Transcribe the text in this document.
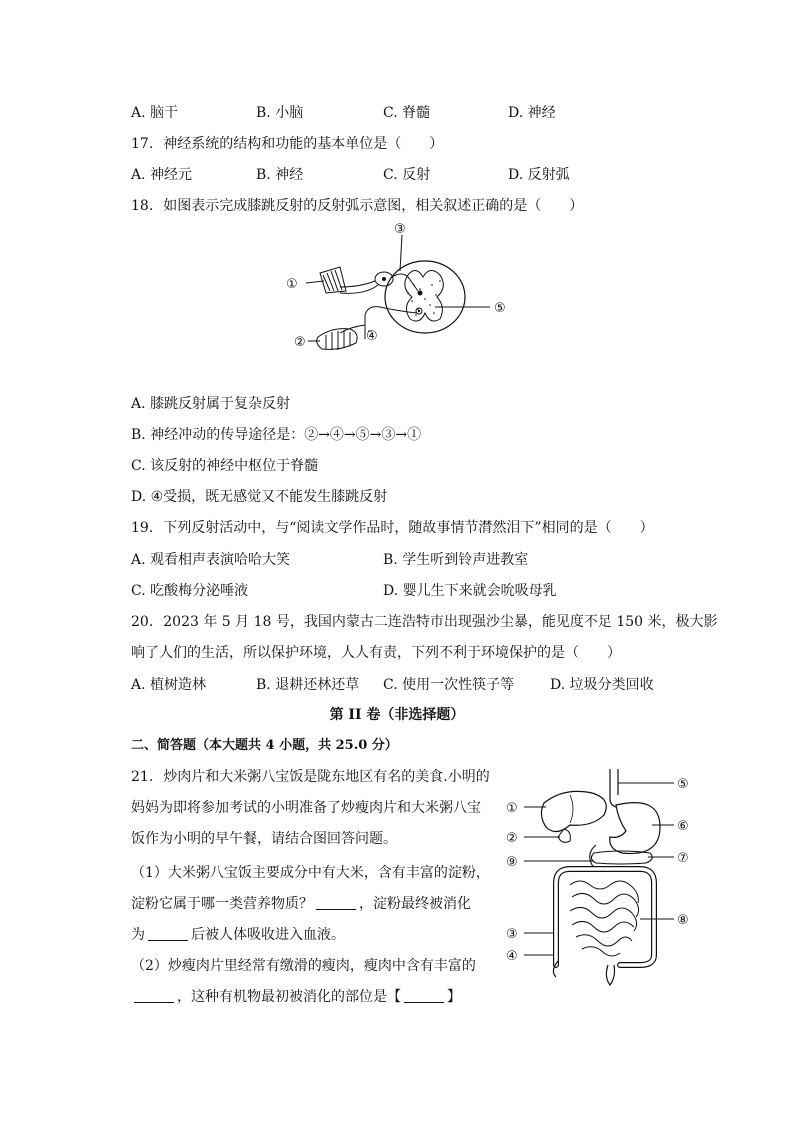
A. 脑干	B. 小脑	C. 脊髓	D. 神经
17. 神经系统的结构和功能的基本单位是（　　）
A. 神经元	B. 神经	C. 反射	D. 反射弧
18. 如图表示完成膝跳反射的反射弧示意图，相关叙述正确的是（　　）
①
②
③
④
⑤
A. 膝跳反射属于复杂反射
B. 神经冲动的传导途径是：②→④→⑤→③→①
C. 该反射的神经中枢位于脊髓
D. ④受损，既无感觉又不能发生膝跳反射
19. 下列反射活动中，与“阅读文学作品时，随故事情节潸然泪下”相同的是（　　）
A. 观看相声表演哈哈大笑	B. 学生听到铃声进教室
C. 吃酸梅分泌唾液	D. 婴儿生下来就会吮吸母乳
20. 2023 年 5 月 18 号，我国内蒙古二连浩特市出现强沙尘暴，能见度不足 150 米，极大影
响了人们的生活，所以保护环境，人人有责，下列不利于环境保护的是（　　）
A. 植树造林	B. 退耕还林还草 C. 使用一次性筷子等	D. 垃圾分类回收
第 II 卷（非选择题）
二、简答题（本大题共 4 小题，共 25.0 分）
21. 炒肉片和大米粥八宝饭是陇东地区有名的美食.小明的
妈妈为即将参加考试的小明准备了炒瘦肉片和大米粥八宝
饭作为小明的早午餐，请结合图回答问题。
（1）大米粥八宝饭主要成分中有大米，含有丰富的淀粉，
淀粉它属于哪一类营养物质？	，淀粉最终被消化
为	后被人体吸收进入血液。
（2）炒瘦肉片里经常有缴滑的瘦肉，瘦肉中含有丰富的
，这种有机物最初被消化的部位是【	】
①
②
③
④
⑤
⑥
⑦
⑧
⑨
